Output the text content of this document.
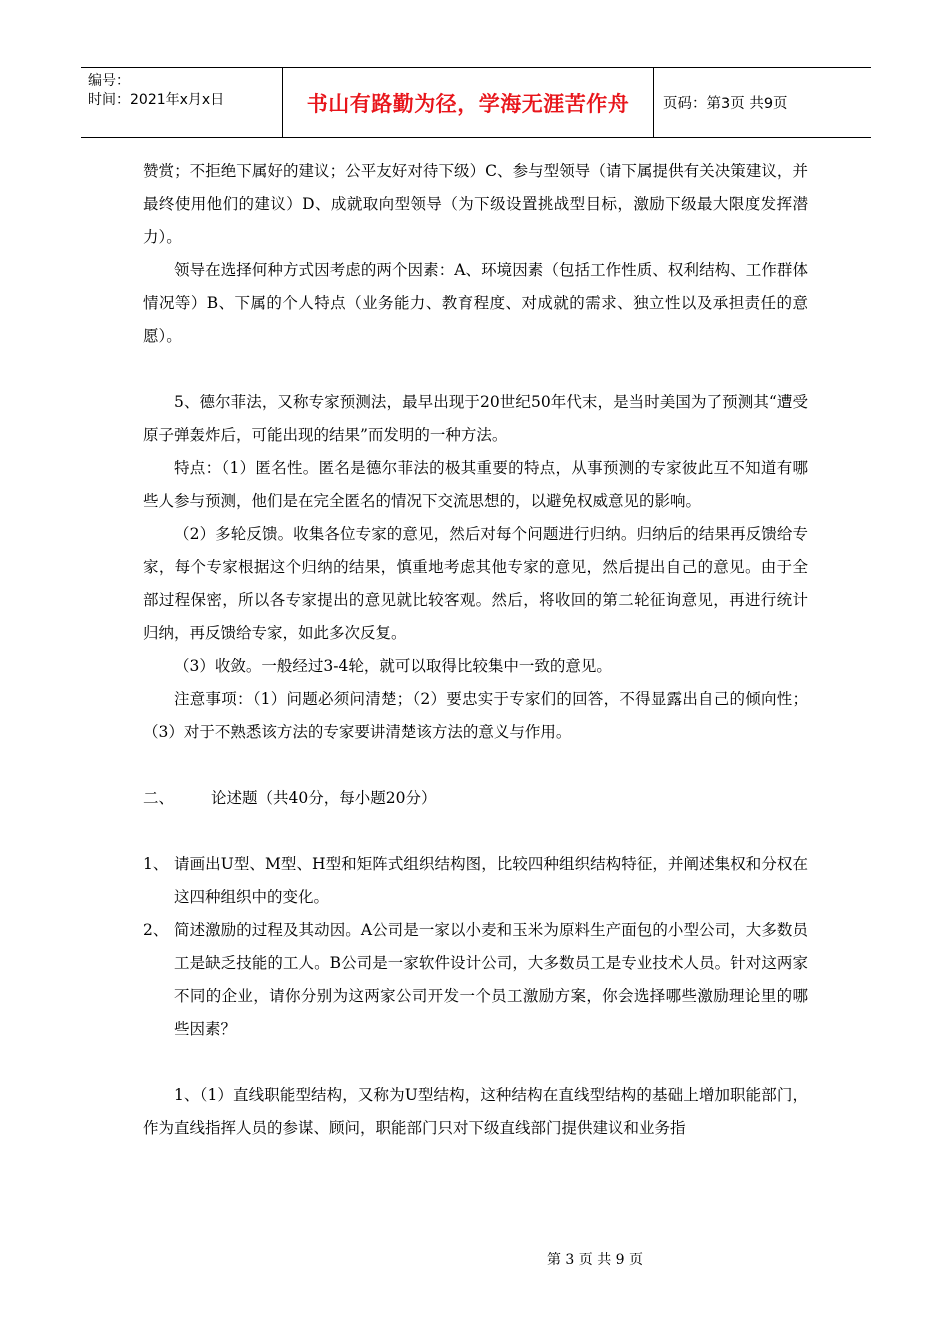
编号：
时间：2021年x月x日	书山有路勤为径，学海无涯苦作舟	页码：第3页 共9页

赞赏；不拒绝下属好的建议；公平友好对待下级）C、参与型领导（请下属提供有关决策建议，并最终使用他们的建议）D、成就取向型领导（为下级设置挑战型目标，激励下级最大限度发挥潜力）。

领导在选择何种方式因考虑的两个因素：A、环境因素（包括工作性质、权利结构、工作群体情况等）B、下属的个人特点（业务能力、教育程度、对成就的需求、独立性以及承担责任的意愿）。

5、德尔菲法，又称专家预测法，最早出现于20世纪50年代末，是当时美国为了预测其“遭受原子弹轰炸后，可能出现的结果”而发明的一种方法。

特点：（1）匿名性。匿名是德尔菲法的极其重要的特点，从事预测的专家彼此互不知道有哪些人参与预测，他们是在完全匿名的情况下交流思想的，以避免权威意见的影响。

（2）多轮反馈。收集各位专家的意见，然后对每个问题进行归纳。归纳后的结果再反馈给专家，每个专家根据这个归纳的结果，慎重地考虑其他专家的意见，然后提出自己的意见。由于全部过程保密，所以各专家提出的意见就比较客观。然后，将收回的第二轮征询意见，再进行统计归纳，再反馈给专家，如此多次反复。

（3）收敛。一般经过3-4轮，就可以取得比较集中一致的意见。

注意事项：（1）问题必须问清楚；（2）要忠实于专家们的回答，不得显露出自己的倾向性；（3）对于不熟悉该方法的专家要讲清楚该方法的意义与作用。

二、	论述题（共40分，每小题20分）
1、 请画出U型、M型、H型和矩阵式组织结构图，比较四种组织结构特征，并阐述集权和分权在这四种组织中的变化。
2、 简述激励的过程及其动因。A公司是一家以小麦和玉米为原料生产面包的小型公司，大多数员工是缺乏技能的工人。B公司是一家软件设计公司，大多数员工是专业技术人员。针对这两家不同的企业，请你分别为这两家公司开发一个员工激励方案，你会选择哪些激励理论里的哪些因素？

1、（1）直线职能型结构，又称为U型结构，这种结构在直线型结构的基础上增加职能部门，作为直线指挥人员的参谋、顾问，职能部门只对下级直线部门提供建议和业务指

第 3 页 共 9 页
